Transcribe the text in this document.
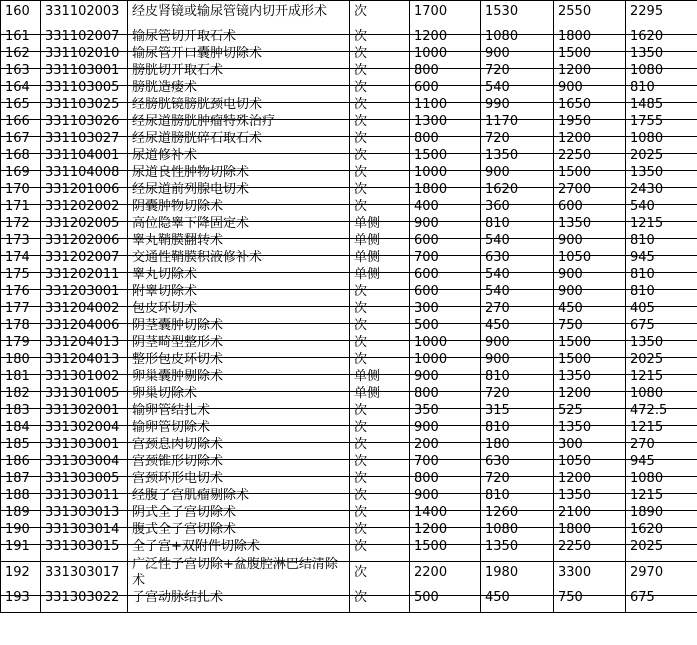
160	331102003	经皮肾镜或输尿管镜内切开成形术	次	1700	1530	2550	2295
161	331102007	输尿管切开取石术	次	1200	1080	1800	1620
162	331102010	输尿管开口囊肿切除术	次	1000	900	1500	1350
163	331103001	膀胱切开取石术	次	800	720	1200	1080
164	331103005	膀胱造瘘术	次	600	540	900	810
165	331103025	经膀胱镜膀胱颈电切术	次	1100	990	1650	1485
166	331103026	经尿道膀胱肿瘤特殊治疗	次	1300	1170	1950	1755
167	331103027	经尿道膀胱碎石取石术	次	800	720	1200	1080
168	331104001	尿道修补术	次	1500	1350	2250	2025
169	331104008	尿道良性肿物切除术	次	1000	900	1500	1350
170	331201006	经尿道前列腺电切术	次	1800	1620	2700	2430
171	331202002	阴囊肿物切除术	次	400	360	600	540
172	331202005	高位隐睾下降固定术	单侧	900	810	1350	1215
173	331202006	睾丸鞘膜翻转术	单侧	600	540	900	810
174	331202007	交通性鞘膜积液修补术	单侧	700	630	1050	945
175	331202011	睾丸切除术	单侧	600	540	900	810
176	331203001	附睾切除术	次	600	540	900	810
177	331204002	包皮环切术	次	300	270	450	405
178	331204006	阴茎囊肿切除术	次	500	450	750	675
179	331204013	阴茎畸型整形术	次	1000	900	1500	1350
180	331204013	整形包皮环切术	次	1000	900	1500	2025
181	331301002	卵巢囊肿剔除术	单侧	900	810	1350	1215
182	331301005	卵巢切除术	单侧	800	720	1200	1080
183	331302001	输卵管结扎术	次	350	315	525	472.5
184	331302004	输卵管切除术	次	900	810	1350	1215
185	331303001	宫颈息肉切除术	次	200	180	300	270
186	331303004	宫颈锥形切除术	次	700	630	1050	945
187	331303005	宫颈环形电切术	次	800	720	1200	1080
188	331303011	经腹子宫肌瘤剔除术	次	900	810	1350	1215
189	331303013	阴式全子宫切除术	次	1400	1260	2100	1890
190	331303014	腹式全子宫切除术	次	1200	1080	1800	1620
191	331303015	全子宫+双附件切除术	次	1500	1350	2250	2025
192	331303017	广泛性子宫切除+盆腹腔淋巴结清除术	次	2200	1980	3300	2970
193	331303022	子宫动脉结扎术	次	500	450	750	675
